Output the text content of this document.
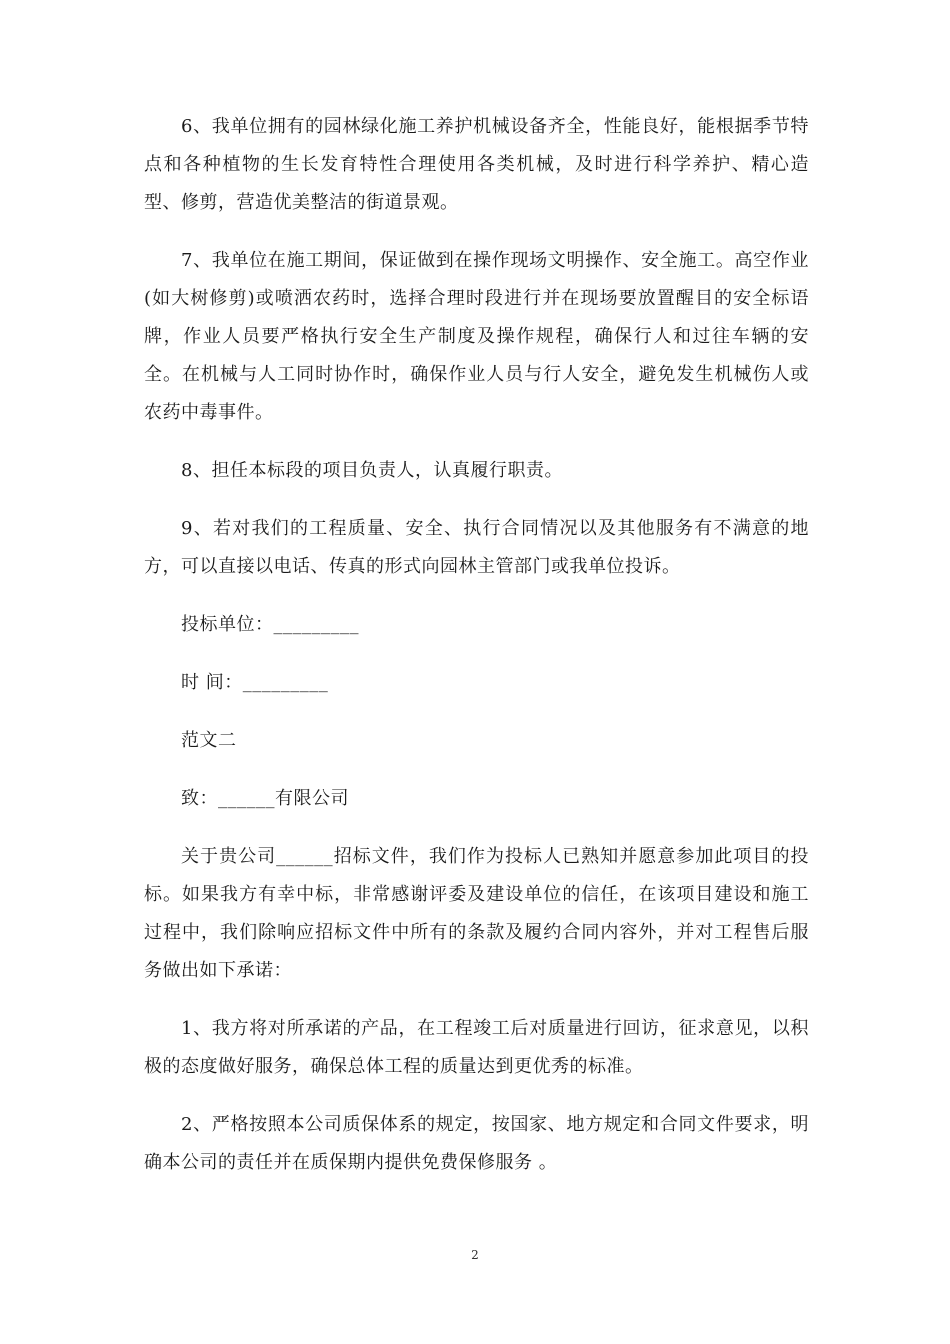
6、我单位拥有的园林绿化施工养护机械设备齐全，性能良好，能根据季节特点和各种植物的生长发育特性合理使用各类机械，及时进行科学养护、精心造型、修剪，营造优美整洁的街道景观。

7、我单位在施工期间，保证做到在操作现场文明操作、安全施工。高空作业(如大树修剪)或喷洒农药时，选择合理时段进行并在现场要放置醒目的安全标语牌，作业人员要严格执行安全生产制度及操作规程，确保行人和过往车辆的安全。在机械与人工同时协作时，确保作业人员与行人安全，避免发生机械伤人或农药中毒事件。

8、担任本标段的项目负责人，认真履行职责。

9、若对我们的工程质量、安全、执行合同情况以及其他服务有不满意的地方，可以直接以电话、传真的形式向园林主管部门或我单位投诉。

投标单位：_________

时 间：_________

范文二

致：______有限公司

关于贵公司______招标文件，我们作为投标人已熟知并愿意参加此项目的投标。如果我方有幸中标，非常感谢评委及建设单位的信任，在该项目建设和施工过程中，我们除响应招标文件中所有的条款及履约合同内容外，并对工程售后服务做出如下承诺：

1、我方将对所承诺的产品，在工程竣工后对质量进行回访，征求意见，以积极的态度做好服务，确保总体工程的质量达到更优秀的标准。

2、严格按照本公司质保体系的规定，按国家、地方规定和合同文件要求，明确本公司的责任并在质保期内提供免费保修服务 。

2
